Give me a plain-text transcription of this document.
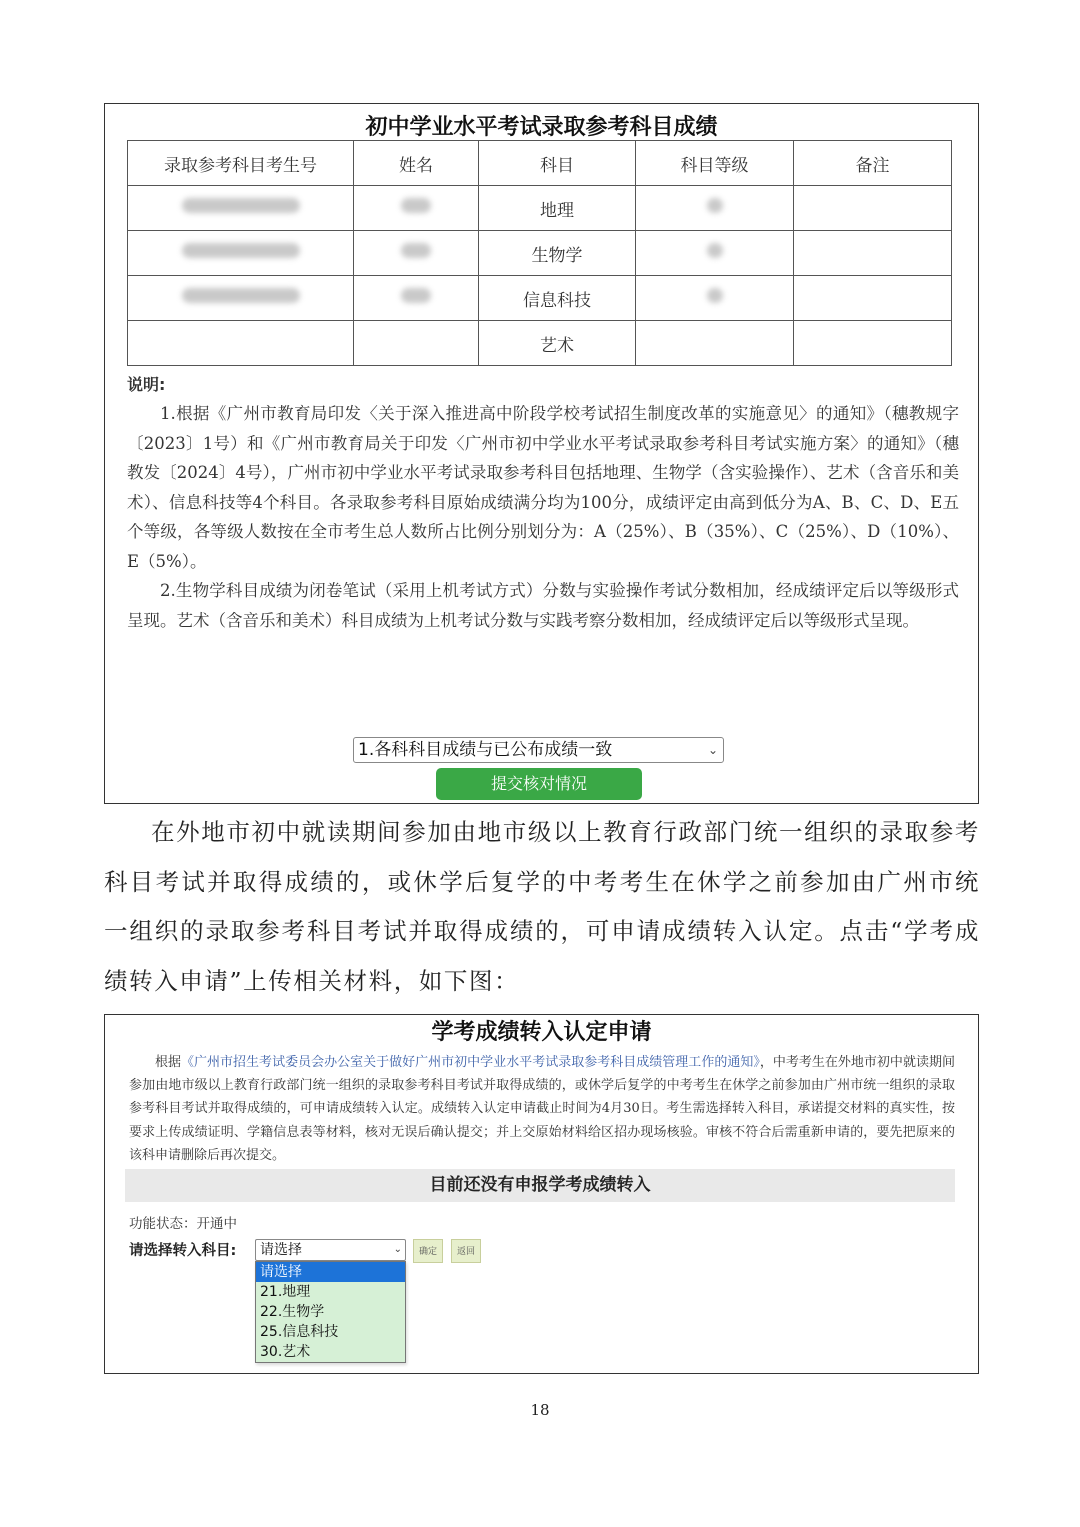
初中学业水平考试录取参考科目成绩
录取参考科目考生号	姓名	科目	科目等级	备注
		地理		
		生物学		
		信息科技		
		艺术		
说明:

1.根据《广州市教育局印发〈关于深入推进高中阶段学校考试招生制度改革的实施意见〉的通知》（穗教规字〔2023〕1号）和《广州市教育局关于印发〈广州市初中学业水平考试录取参考科目考试实施方案〉的通知》（穗教发〔2024〕4号），广州市初中学业水平考试录取参考科目包括地理、生物学（含实验操作）、艺术（含音乐和美术）、信息科技等4个科目。各录取参考科目原始成绩满分均为100分，成绩评定由高到低分为A、B、C、D、E五个等级，各等级人数按在全市考生总人数所占比例分别划分为：A（25%）、B（35%）、C（25%）、D（10%）、E（5%）。

2.生物学科目成绩为闭卷笔试（采用上机考试方式）分数与实验操作考试分数相加，经成绩评定后以等级形式呈现。艺术（含音乐和美术）科目成绩为上机考试分数与实践考察分数相加，经成绩评定后以等级形式呈现。

1.各科科目成绩与已公布成绩一致	⌄
提交核对情况

在外地市初中就读期间参加由地市级以上教育行政部门统一组织的录取参考科目考试并取得成绩的，或休学后复学的中考考生在休学之前参加由广州市统一组织的录取参考科目考试并取得成绩的，可申请成绩转入认定。点击“学考成绩转入申请”上传相关材料，如下图：

学考成绩转入认定申请

根据《广州市招生考试委员会办公室关于做好广州市初中学业水平考试录取参考科目成绩管理工作的通知》，中考考生在外地市初中就读期间参加由地市级以上教育行政部门统一组织的录取参考科目考试并取得成绩的，或休学后复学的中考考生在休学之前参加由广州市统一组织的录取参考科目考试并取得成绩的，可申请成绩转入认定。成绩转入认定申请截止时间为4月30日。考生需选择转入科目，承诺提交材料的真实性，按要求上传成绩证明、学籍信息表等材料，核对无误后确认提交；并上交原始材料给区招办现场核验。审核不符合后需重新申请的，要先把原来的该科申请删除后再次提交。

目前还没有申报学考成绩转入
功能状态：开通中
请选择转入科目:	请选择	⌄	确定	返回
请选择
21.地理
22.生物学
25.信息科技
30.艺术
18
